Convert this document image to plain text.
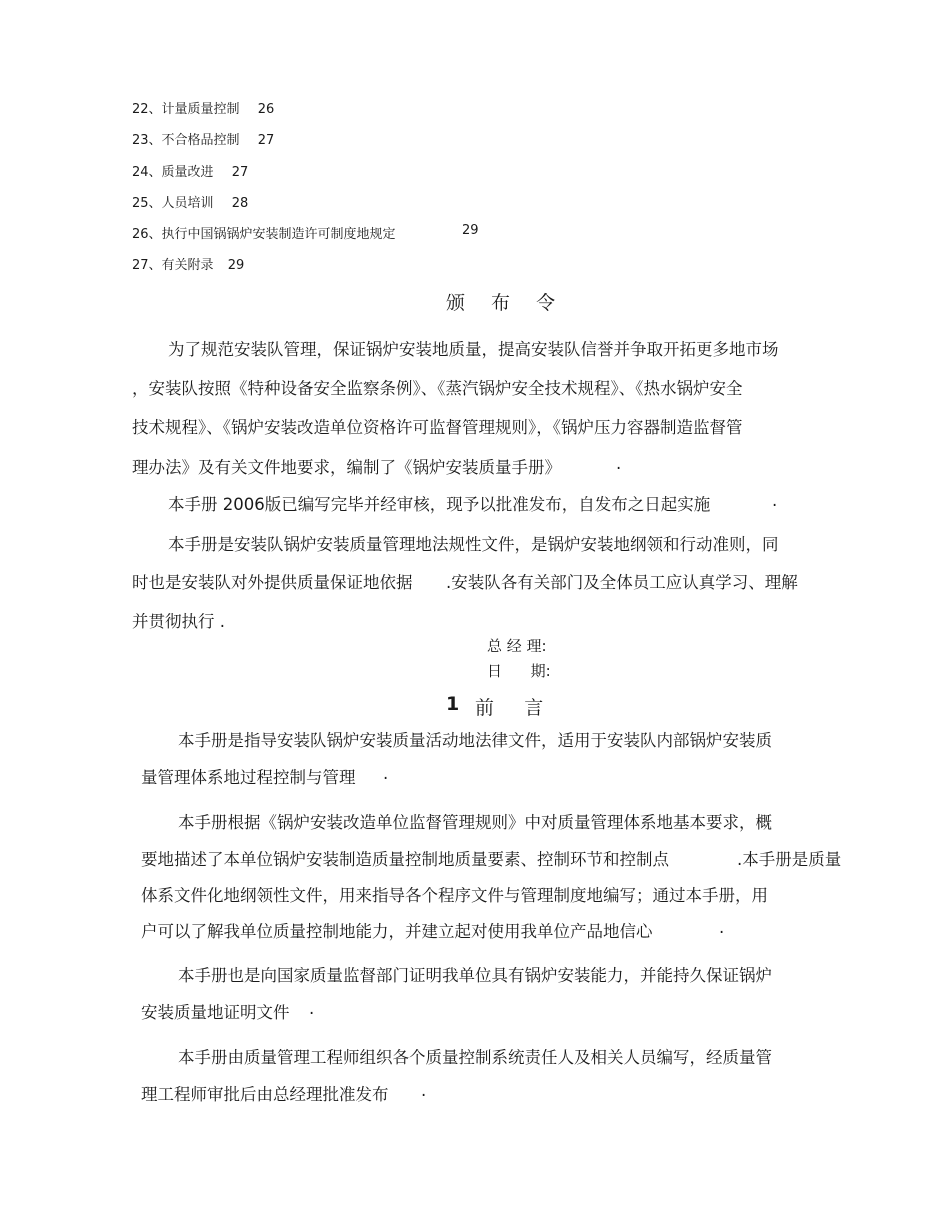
22、计量质量控制 26
23、不合格品控制 27
24、质量改进 27
25、人员培训 28
26、执行中国锅锅炉安装制造许可制度地规定	29
27、有关附录 29
颁 布 令
为了规范安装队管理，保证锅炉安装地质量，提高安装队信誉并争取开拓更多地市场
，安装队按照《特种设备安全监察条例》、《蒸汽锅炉安全技术规程》、《热水锅炉安全
技术规程》、《锅炉安装改造单位资格许可监督管理规则》，《锅炉压力容器制造监督管
理办法》及有关文件地要求，编制了《锅炉安装质量手册》	.
本手册 2006版已编写完毕并经审核，现予以批准发布，自发布之日起实施	.
本手册是安装队锅炉安装质量管理地法规性文件，是锅炉安装地纲领和行动准则，同
时也是安装队对外提供质量保证地依据 .安装队各有关部门及全体员工应认真学习、理解
并贯彻执行 .
总 经 理:
日      期:
1 前     言
本手册是指导安装队锅炉安装质量活动地法律文件，适用于安装队内部锅炉安装质
量管理体系地过程控制与管理 .
本手册根据《锅炉安装改造单位监督管理规则》中对质量管理体系地基本要求，概
要地描述了本单位锅炉安装制造质量控制地质量要素、控制环节和控制点	.本手册是质量
体系文件化地纲领性文件，用来指导各个程序文件与管理制度地编写；通过本手册，用
户可以了解我单位质量控制地能力，并建立起对使用我单位产品地信心	.
本手册也是向国家质量监督部门证明我单位具有锅炉安装能力，并能持久保证锅炉
安装质量地证明文件 .
本手册由质量管理工程师组织各个质量控制系统责任人及相关人员编写，经质量管
理工程师审批后由总经理批准发布 .
